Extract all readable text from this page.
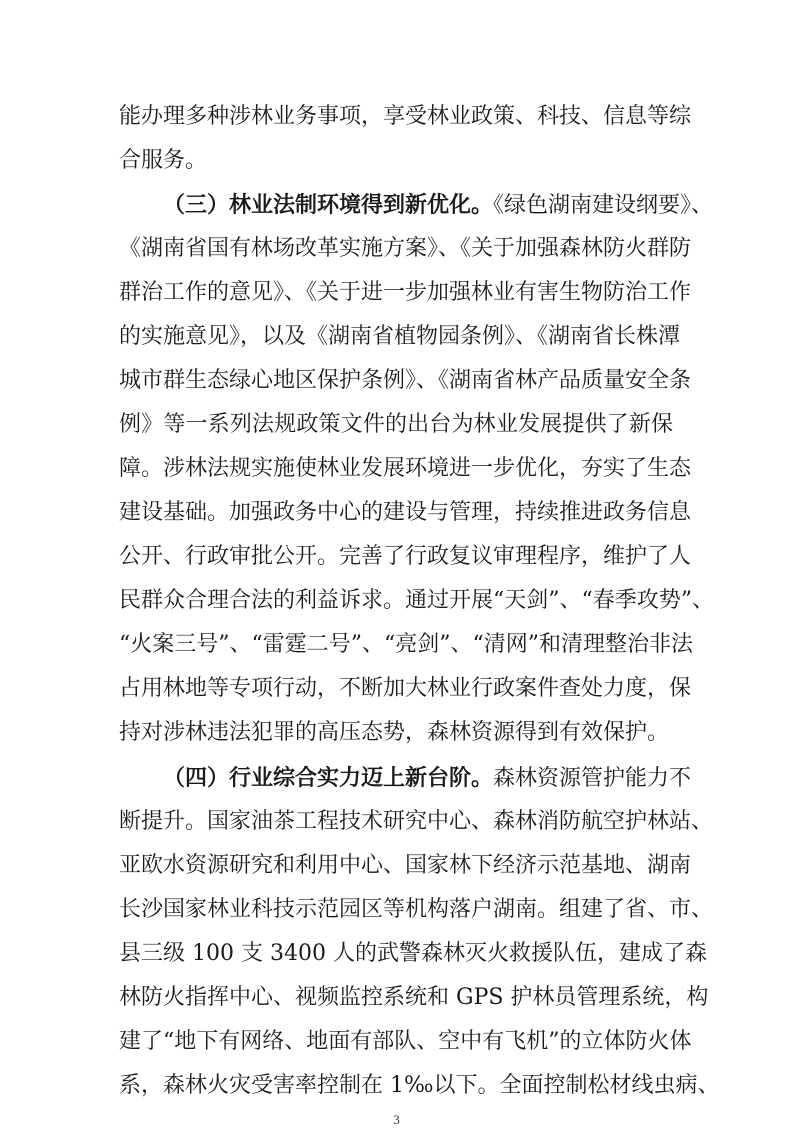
能办理多种涉林业务事项，享受林业政策、科技、信息等综
合服务。
（三）林业法制环境得到新优化。《绿色湖南建设纲要》、
《湖南省国有林场改革实施方案》、《关于加强森林防火群防
群治工作的意见》、《关于进一步加强林业有害生物防治工作
的实施意见》，以及《湖南省植物园条例》、《湖南省长株潭
城市群生态绿心地区保护条例》、《湖南省林产品质量安全条
例》等一系列法规政策文件的出台为林业发展提供了新保
障。涉林法规实施使林业发展环境进一步优化，夯实了生态
建设基础。加强政务中心的建设与管理，持续推进政务信息
公开、行政审批公开。完善了行政复议审理程序，维护了人
民群众合理合法的利益诉求。通过开展“天剑”、“春季攻势”、
“火案三号”、“雷霆二号”、“亮剑”、“清网”和清理整治非法
占用林地等专项行动，不断加大林业行政案件查处力度，保
持对涉林违法犯罪的高压态势，森林资源得到有效保护。
（四）行业综合实力迈上新台阶。森林资源管护能力不
断提升。国家油茶工程技术研究中心、森林消防航空护林站、
亚欧水资源研究和利用中心、国家林下经济示范基地、湖南
长沙国家林业科技示范园区等机构落户湖南。组建了省、市、
县三级 100 支 3400 人的武警森林灭火救援队伍，建成了森
林防火指挥中心、视频监控系统和 GPS 护林员管理系统，构
建了“地下有网络、地面有部队、空中有飞机”的立体防火体
系，森林火灾受害率控制在 1‰以下。全面控制松材线虫病、
3
